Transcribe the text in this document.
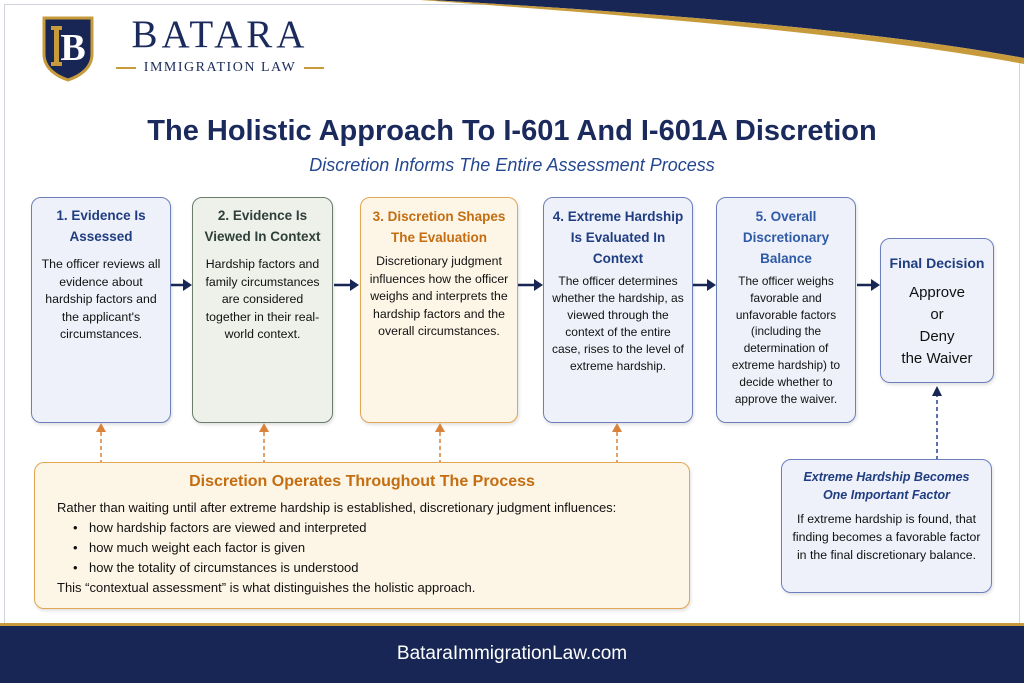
B	BATARA
IMMIGRATION LAW
The Holistic Approach To I-601 And I-601A Discretion
Discretion Informs The Entire Assessment Process
1. Evidence Is Assessed

The officer reviews all evidence about hardship factors and the applicant's circumstances.

2. Evidence Is Viewed In Context

Hardship factors and family circumstances are considered together in their real-world context.

3. Discretion Shapes The Evaluation

Discretionary judgment influences how the officer weighs and interprets the hardship factors and the overall circumstances.

4. Extreme Hardship Is Evaluated In Context

The officer determines whether the hardship, as viewed through the context of the entire case, rises to the level of extreme hardship.

5. Overall Discretionary Balance

The officer weighs favorable and unfavorable factors (including the determination of extreme hardship) to decide whether to approve the waiver.

Final Decision
Approve
or
Deny
the Waiver
Discretion Operates Throughout The Process
Rather than waiting until after extreme hardship is established, discretionary judgment influences:
• how hardship factors are viewed and interpreted
• how much weight each factor is given
• how the totality of circumstances is understood
This “contextual assessment” is what distinguishes the holistic approach.
Extreme Hardship Becomes One Important Factor

If extreme hardship is found, that finding becomes a favorable factor in the final discretionary balance.

BataraImmigrationLaw.com
